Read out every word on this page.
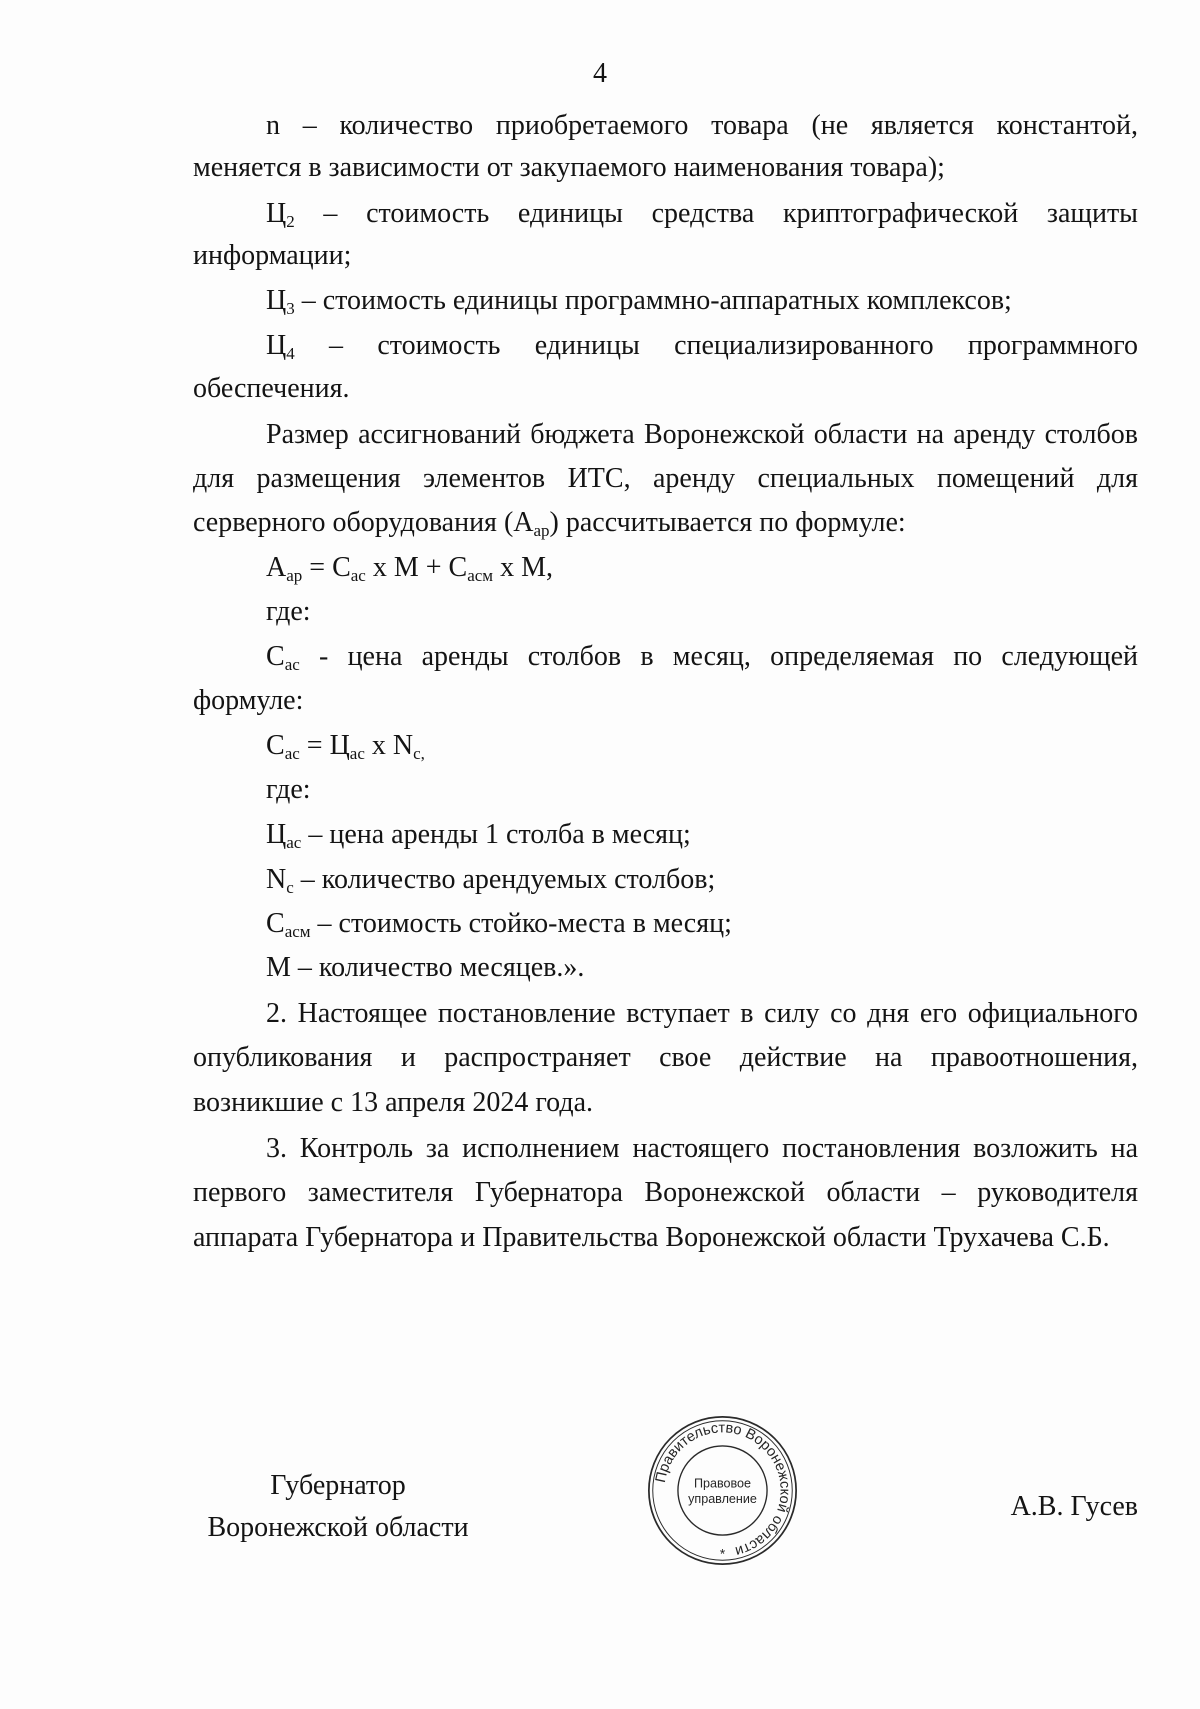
4
n – количество приобретаемого товара (не является константой,
меняется в зависимости от закупаемого наименования товара);
$Ц_2$ – стоимость единицы средства криптографической защиты
информации;
$Ц_3$ – стоимость единицы программно-аппаратных комплексов;
$Ц_4$ – стоимость единицы специализированного программного
обеспечения.
Размер ассигнований бюджета Воронежской области на аренду столбов
для размещения элементов ИТС, аренду специальных помещений для
серверного оборудования $(А_{ар})$ рассчитывается по формуле:
$А_{ар} = С_{ас}$ х $М + С_{асм}$ х М,
где:
$С_{ас}$ - цена аренды столбов в месяц, определяемая по следующей
формуле:
$С_{ас} = Ц_{ас}$ х $N_{с,}$
где:
$Ц_{ас}$ – цена аренды 1 столба в месяц;
$N_с$ – количество арендуемых столбов;
$С_{асм}$ – стоимость стойко-места в месяц;
М – количество месяцев.».
2. Настоящее постановление вступает в силу со дня его официального
опубликования и распространяет свое действие на правоотношения,
возникшие с 13 апреля 2024 года.
3. Контроль за исполнением настоящего постановления возложить на
первого заместителя Губернатора Воронежской области – руководителя
аппарата Губернатора и Правительства Воронежской области Трухачева С.Б.
Губернатор
Воронежской области
Правительство Воронежской области
Правовое
управление
*
А.В. Гусев
